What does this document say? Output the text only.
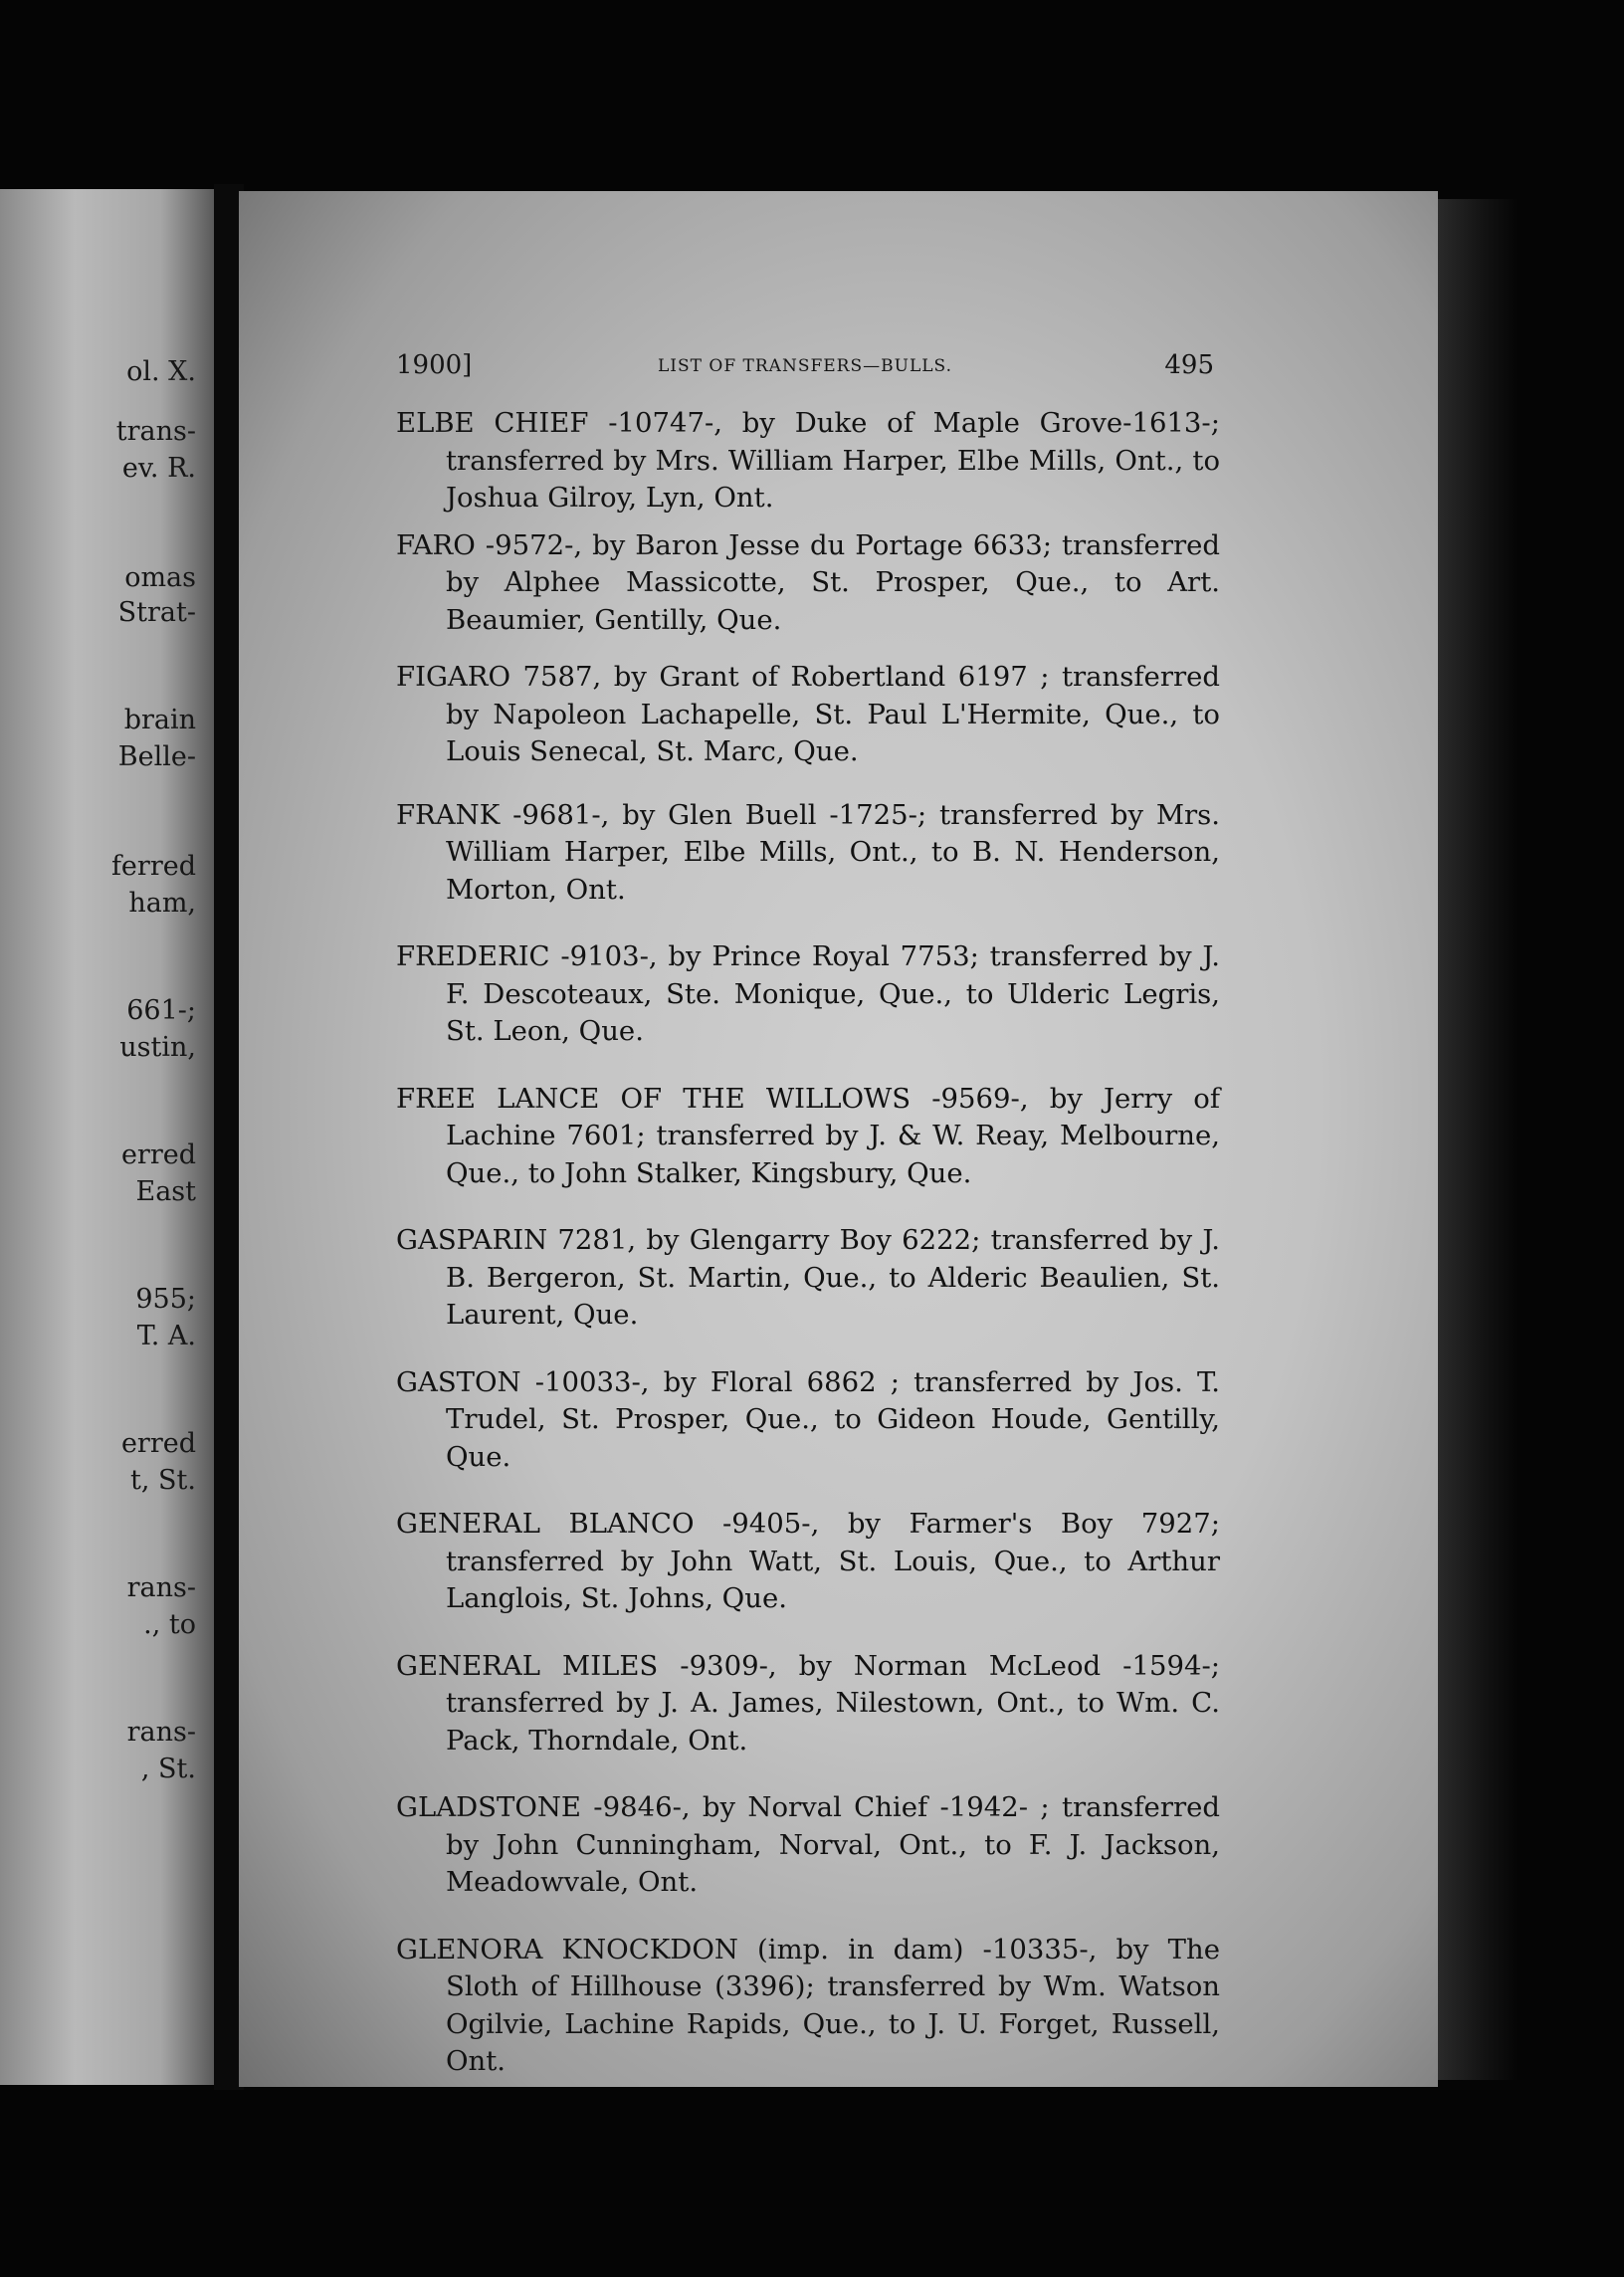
ol. X.
trans-
ev. R.
omas
Strat-
brain
Belle-
ferred
ham,
661-;
ustin,
erred
East
955;
T. A.
erred
t, St.
rans-
., to
rans-
, St.
1900]	LIST OF TRANSFERS—BULLS.	495

ELBE CHIEF -10747-, by Duke of Maple Grove-1613-; transferred by Mrs. William Harper, Elbe Mills, Ont., to Joshua Gilroy, Lyn, Ont.

FARO -9572-, by Baron Jesse du Portage 6633; transferred by Alphee Massicotte, St. Prosper, Que., to Art. Beaumier, Gentilly, Que.

FIGARO 7587, by Grant of Robertland 6197 ; transferred by Napoleon Lachapelle, St. Paul L'Hermite, Que., to Louis Senecal, St. Marc, Que.

FRANK -9681-, by Glen Buell -1725-; transferred by Mrs. William Harper, Elbe Mills, Ont., to B. N. Henderson, Morton, Ont.

FREDERIC -9103-, by Prince Royal 7753; transferred by J. F. Descoteaux, Ste. Monique, Que., to Ulderic Legris, St. Leon, Que.

FREE LANCE OF THE WILLOWS -9569-, by Jerry of Lachine 7601; transferred by J. & W. Reay, Melbourne, Que., to John Stalker, Kingsbury, Que.

GASPARIN 7281, by Glengarry Boy 6222; transferred by J. B. Bergeron, St. Martin, Que., to Alderic Beaulien, St. Laurent, Que.

GASTON -10033-, by Floral 6862 ; transferred by Jos. T. Trudel, St. Prosper, Que., to Gideon Houde, Gentilly, Que.

GENERAL BLANCO -9405-, by Farmer's Boy 7927; transferred by John Watt, St. Louis, Que., to Arthur Langlois, St. Johns, Que.

GENERAL MILES -9309-, by Norman McLeod -1594-; transferred by J. A. James, Nilestown, Ont., to Wm. C. Pack, Thorndale, Ont.

GLADSTONE -9846-, by Norval Chief -1942- ; transferred by John Cunningham, Norval, Ont., to F. J. Jackson, Meadowvale, Ont.

GLENORA KNOCKDON (imp. in dam) -10335-, by The Sloth of Hillhouse (3396); transferred by Wm. Watson Ogilvie, Lachine Rapids, Que., to J. U. Forget, Russell, Ont.
